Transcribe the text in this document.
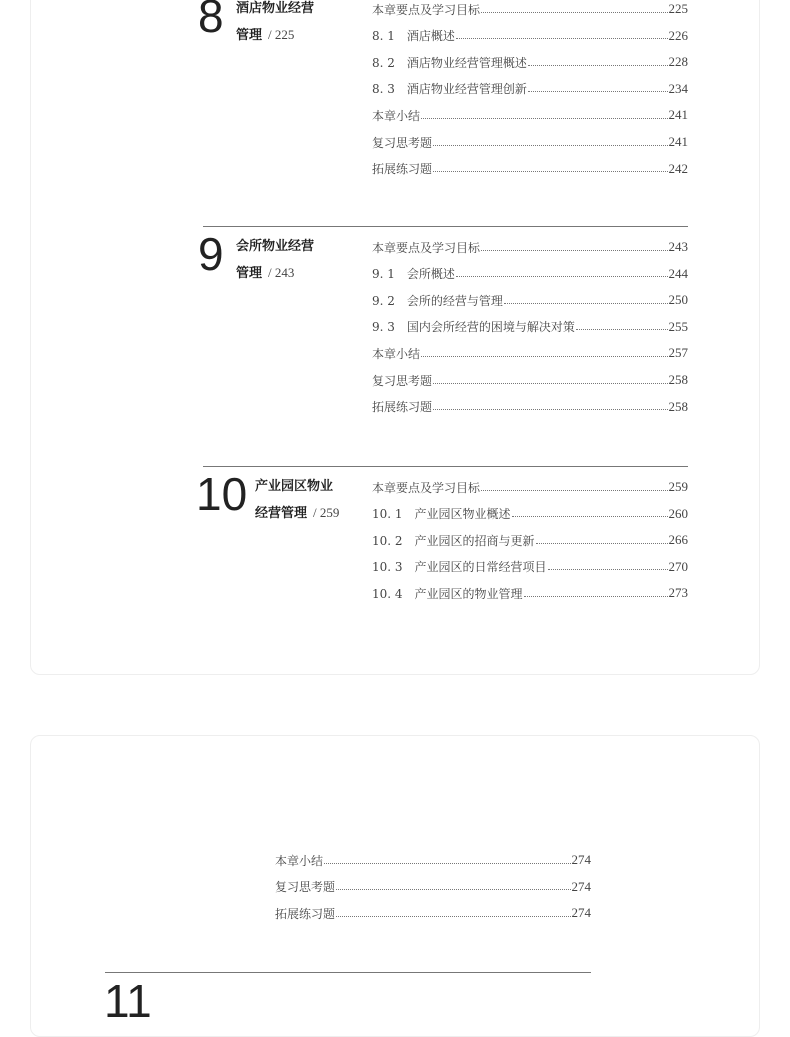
8 酒店物业经营
管理 / 225
本章要点及学习目标	225
8. 1　酒店概述	226
8. 2　酒店物业经营管理概述	228
8. 3　酒店物业经营管理创新	234
本章小结	241
复习思考题	241
拓展练习题	242
9 会所物业经营
管理 / 243
本章要点及学习目标	243
9. 1　会所概述	244
9. 2　会所的经营与管理	250
9. 3　国内会所经营的困境与解决对策	255
本章小结	257
复习思考题	258
拓展练习题	258
10 产业园区物业
经营管理 / 259
本章要点及学习目标	259
10. 1　产业园区物业概述	260
10. 2　产业园区的招商与更新	266
10. 3　产业园区的日常经营项目	270
10. 4　产业园区的物业管理	273
本章小结	274
复习思考题	274
拓展练习题	274
11
